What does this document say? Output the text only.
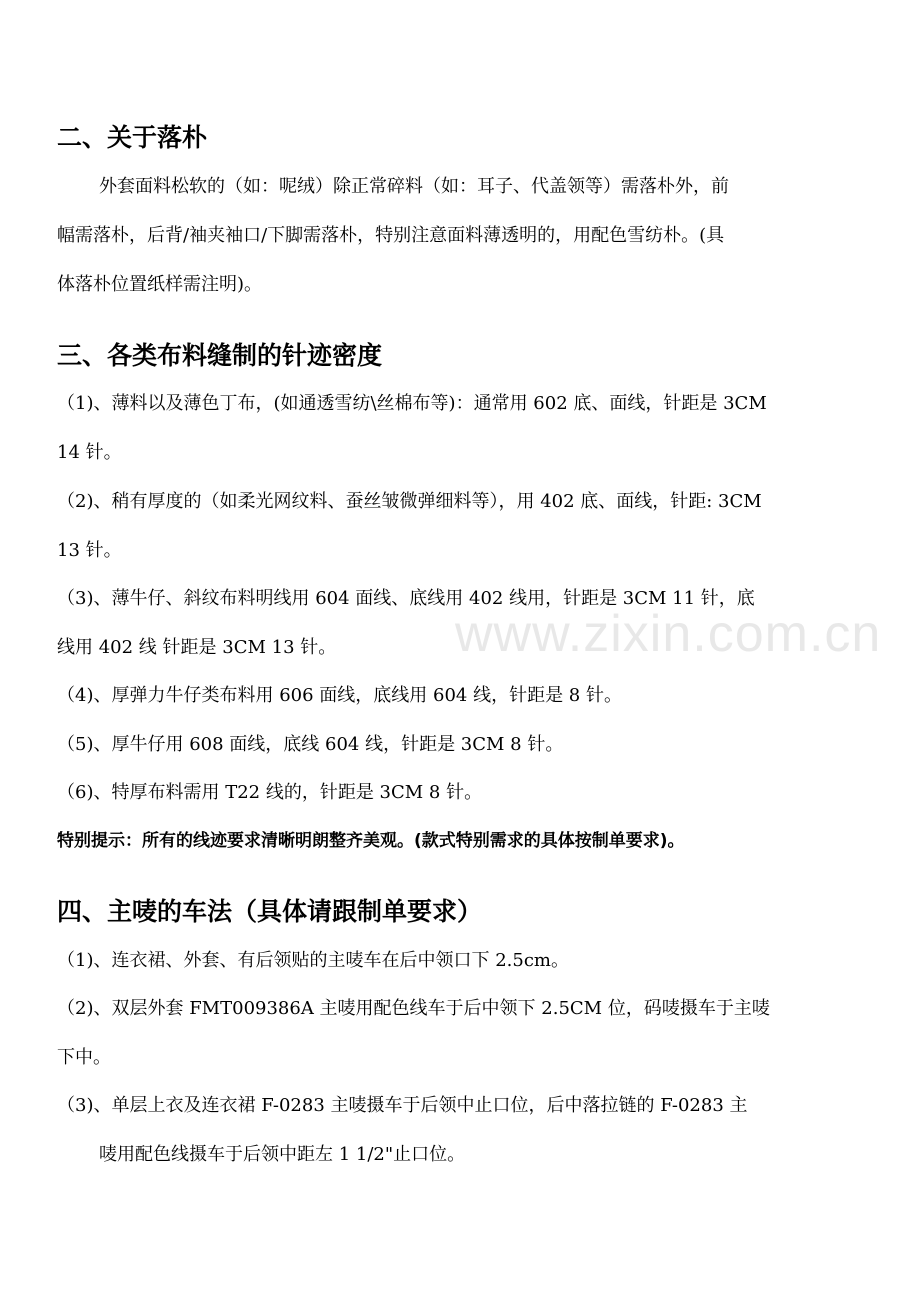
二、关于落朴
外套面料松软的（如：呢绒）除正常碎料（如：耳子、代盖领等）需落朴外，前
幅需落朴，后背/袖夹袖口/下脚需落朴，特别注意面料薄透明的，用配色雪纺朴。(具
体落朴位置纸样需注明)。
三、各类布料缝制的针迹密度
（1)、薄料以及薄色丁布，(如通透雪纺\丝棉布等)：通常用 602 底、面线，针距是 3CM
14 针。
（2)、稍有厚度的（如柔光网纹料、蚕丝皱微弹细料等），用 402 底、面线，针距: 3CM
13 针。
（3)、薄牛仔、斜纹布料明线用 604 面线、底线用 402 线用，针距是 3CM 11 针，底
线用 402 线 针距是 3CM 13 针。
（4)、厚弹力牛仔类布料用 606 面线，底线用 604 线，针距是 8 针。
（5)、厚牛仔用 608 面线，底线 604 线，针距是 3CM 8 针。
（6)、特厚布料需用 T22 线的，针距是 3CM 8 针。
特别提示：所有的线迹要求清晰明朗整齐美观。(款式特别需求的具体按制单要求)。
四、主唛的车法（具体请跟制单要求）
（1)、连衣裙、外套、有后领贴的主唛车在后中领口下 2.5cm。
（2)、双层外套 FMT009386A 主唛用配色线车于后中领下 2.5CM 位，码唛摄车于主唛
下中。
（3)、单层上衣及连衣裙 F-0283 主唛摄车于后领中止口位，后中落拉链的 F-0283 主
唛用配色线摄车于后领中距左 1 1/2"止口位。
www.zixin.com.cn
